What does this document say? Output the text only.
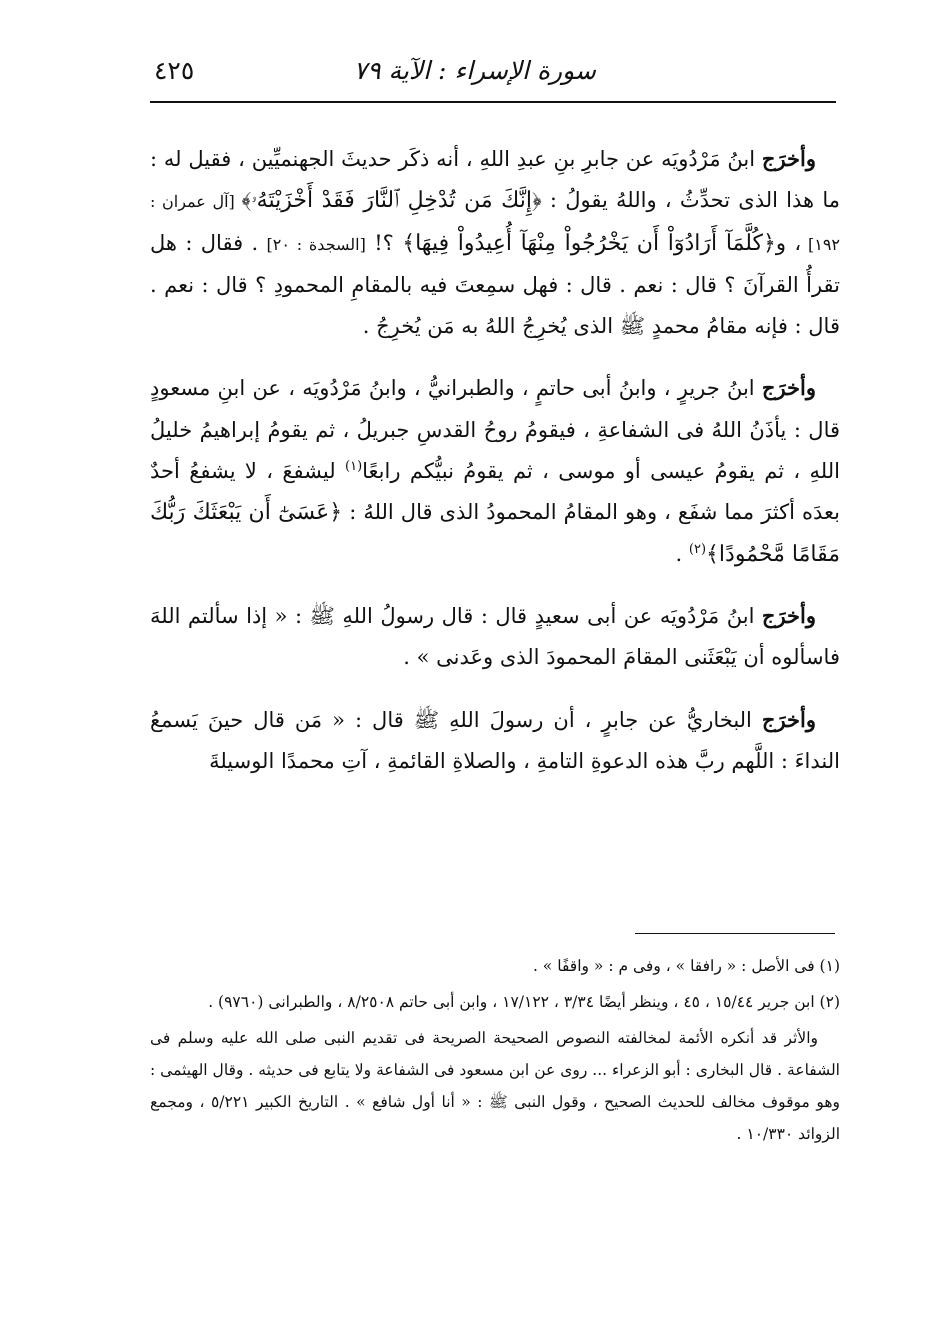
سورة الإسراء : الآية ٧٩
٤٢٥

وأخرَج ابنُ مَرْدُويَه عن جابرِ بنِ عبدِ اللهِ ، أنه ذكَر حديثَ الجهنميِّين ، فقيل له : ما هذا الذى تحدِّثُ ، واللهُ يقولُ : ﴿إِنَّكَ مَن تُدْخِلِ ٱلنَّارَ فَقَدْ أَخْزَيْتَهُۥ﴾ [آل عمران : ١٩٢] ، و﴿كُلَّمَآ أَرَادُوٓاْ أَن يَخْرُجُواْ مِنْهَآ أُعِيدُواْ فِيهَا﴾ ؟! [السجدة : ٢٠] . فقال : هل تقرأُ القرآنَ ؟ قال : نعم . قال : فهل سمِعتَ فيه بالمقامِ المحمودِ ؟ قال : نعم . قال : فإنه مقامُ محمدٍ ﷺ الذى يُخرِجُ اللهُ به مَن يُخرِجُ .

وأخرَج ابنُ جريرٍ ، وابنُ أبى حاتمٍ ، والطبرانيُّ ، وابنُ مَرْدُويَه ، عن ابنِ مسعودٍ قال : يأذَنُ اللهُ فى الشفاعةِ ، فيقومُ روحُ القدسِ جبريلُ ، ثم يقومُ إبراهيمُ خليلُ اللهِ ، ثم يقومُ عيسى أو موسى ، ثم يقومُ نبيُّكم رابعًا$^{(١)}$ ليشفعَ ، لا يشفعُ أحدٌ بعدَه أكثرَ مما شفَع ، وهو المقامُ المحمودُ الذى قال اللهُ : ﴿عَسَىٰٓ أَن يَبْعَثَكَ رَبُّكَ مَقَامًا مَّحْمُودًا﴾$^{(٢)}$ .

وأخرَج ابنُ مَرْدُويَه عن أبى سعيدٍ قال : قال رسولُ اللهِ ﷺ : « إذا سألتم اللهَ فاسألوه أن يَبْعَثَنى المقامَ المحمودَ الذى وعَدنى » .

وأخرَج البخاريُّ عن جابرٍ ، أن رسولَ اللهِ ﷺ قال : « مَن قال حينَ يَسمعُ النداءَ : اللَّهم ربَّ هذه الدعوةِ التامةِ ، والصلاةِ القائمةِ ، آتِ محمدًا الوسيلةَ

(١) فى الأصل : « رافقا » ، وفى م : « واقفًا » .

(٢) ابن جرير ١٥/٤٤ ، ٤٥ ، وينظر أيضًا ٣/٣٤ ، ١٧/١٢٢ ، وابن أبى حاتم ٨/٢٥٠٨ ، والطبرانى (٩٧٦٠) .

والأثر قد أنكره الأئمة لمخالفته النصوص الصحيحة الصريحة فى تقديم النبى صلى الله عليه وسلم فى الشفاعة . قال البخارى : أبو الزعراء ... روى عن ابن مسعود فى الشفاعة ولا يتابع فى حديثه . وقال الهيثمى : وهو موقوف مخالف للحديث الصحيح ، وقول النبى ﷺ : « أنا أول شافع » . التاريخ الكبير ٥/٢٢١ ، ومجمع الزوائد ١٠/٣٣٠ .
